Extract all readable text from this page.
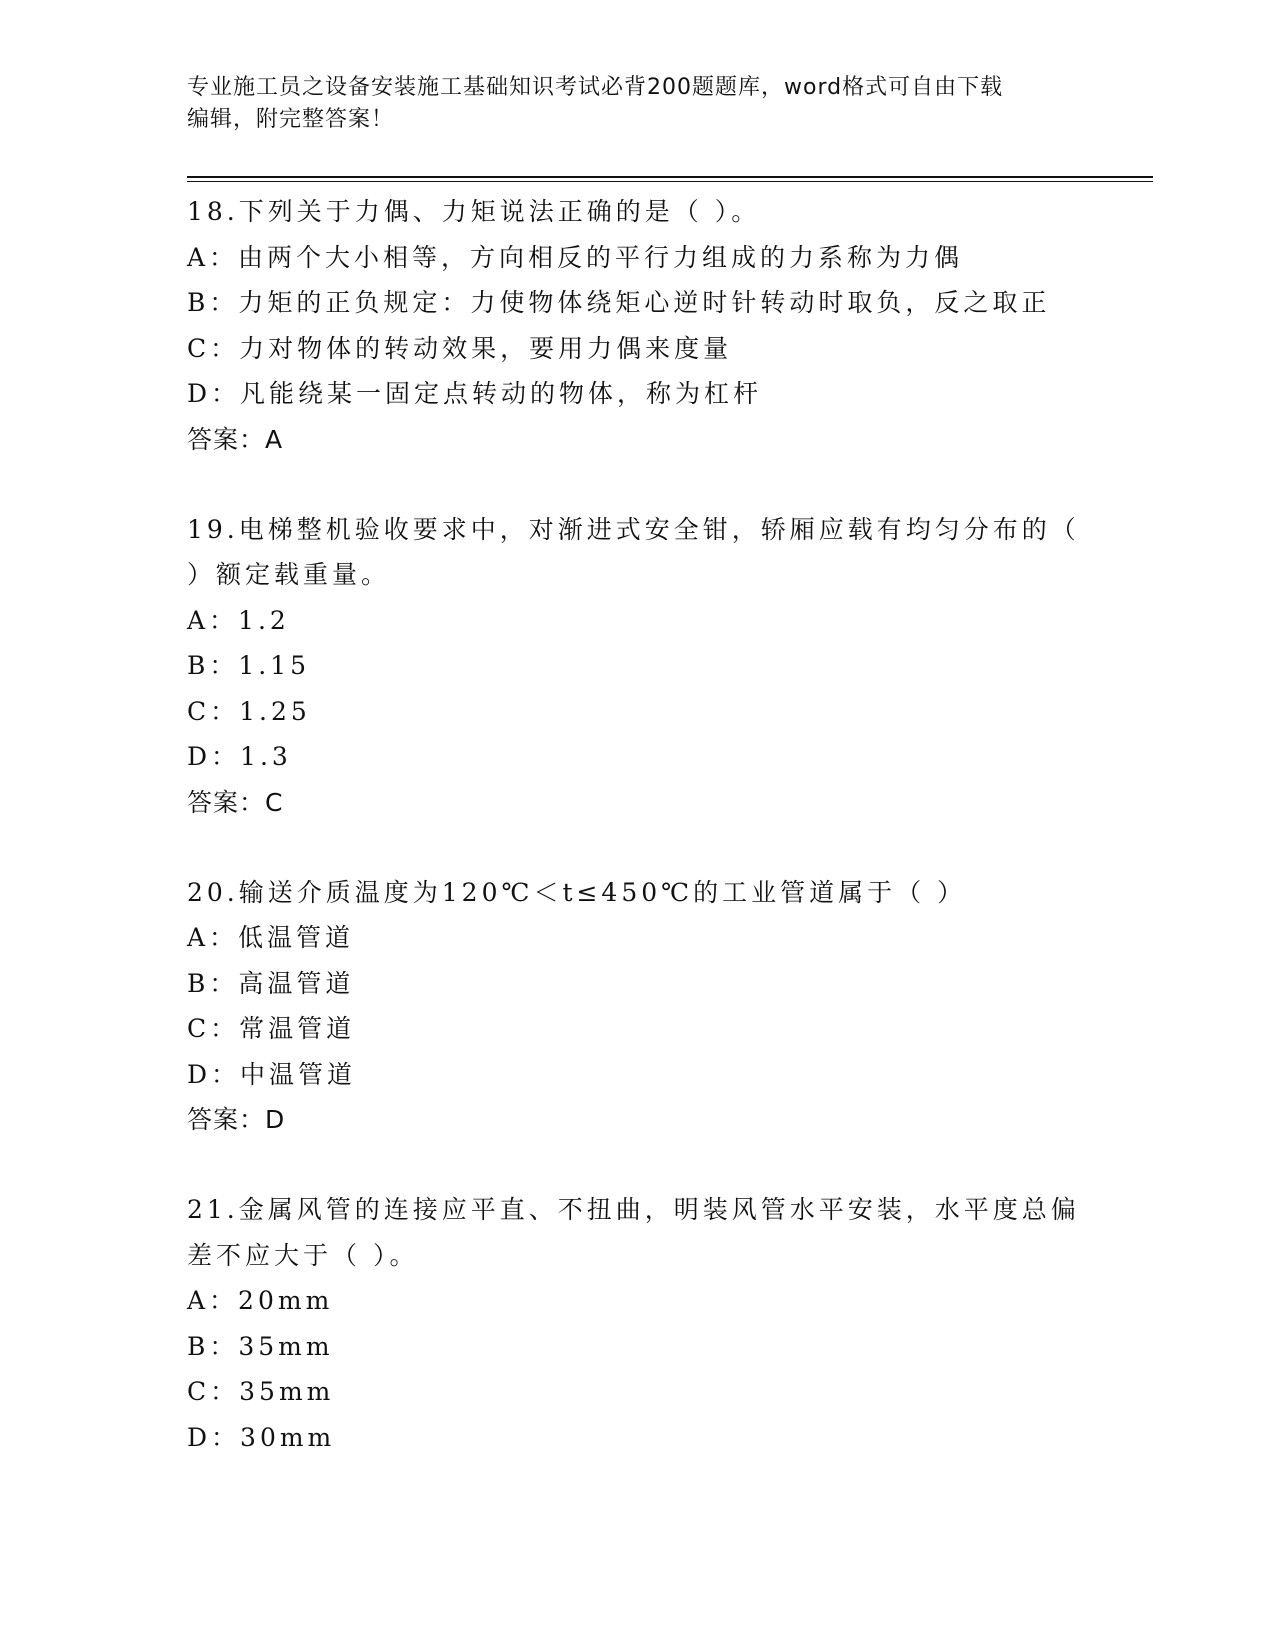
专业施工员之设备安装施工基础知识考试必背200题题库，word格式可自由下载
编辑，附完整答案！
18.下列关于力偶、力矩说法正确的是（ ）。
A：由两个大小相等，方向相反的平行力组成的力系称为力偶
B：力矩的正负规定：力使物体绕矩心逆时针转动时取负，反之取正
C：力对物体的转动效果，要用力偶来度量
D：凡能绕某一固定点转动的物体，称为杠杆
答案：A
19.电梯整机验收要求中，对渐进式安全钳，轿厢应载有均匀分布的（
）额定载重量。
A：1.2
B：1.15
C：1.25
D：1.3
答案：C
20.输送介质温度为120℃＜t≤450℃的工业管道属于（ ）
A：低温管道
B：高温管道
C：常温管道
D：中温管道
答案：D
21.金属风管的连接应平直、不扭曲，明装风管水平安装，水平度总偏
差不应大于（ ）。
A：20mm
B：35mm
C：35mm
D：30mm
